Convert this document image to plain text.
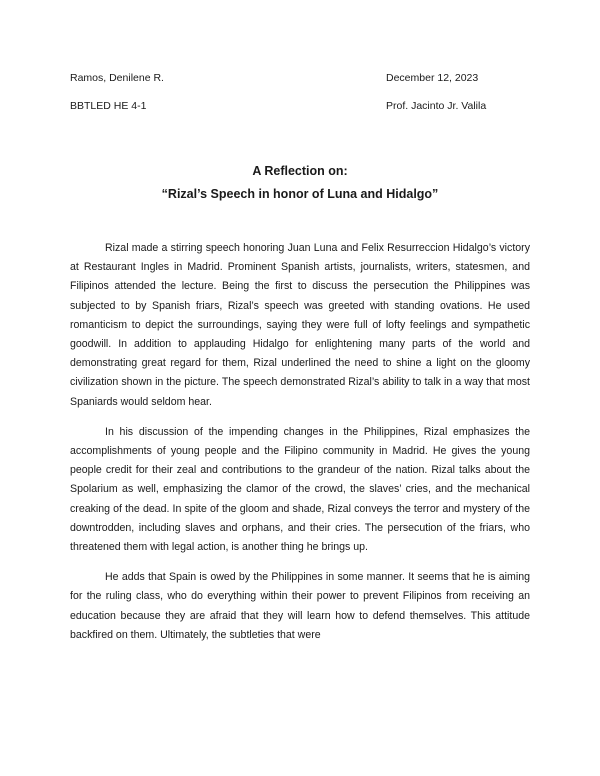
Ramos, Denilene R.	December 12, 2023
BBTLED HE 4-1	Prof. Jacinto Jr. Valila
A Reflection on:
“Rizal’s Speech in honor of Luna and Hidalgo”

Rizal made a stirring speech honoring Juan Luna and Felix Resurreccion Hidalgo’s victory at Restaurant Ingles in Madrid. Prominent Spanish artists, journalists, writers, statesmen, and Filipinos attended the lecture. Being the first to discuss the persecution the Philippines was subjected to by Spanish friars, Rizal’s speech was greeted with standing ovations. He used romanticism to depict the surroundings, saying they were full of lofty feelings and sympathetic goodwill. In addition to applauding Hidalgo for enlightening many parts of the world and demonstrating great regard for them, Rizal underlined the need to shine a light on the gloomy civilization shown in the picture. The speech demonstrated Rizal’s ability to talk in a way that most Spaniards would seldom hear.

In his discussion of the impending changes in the Philippines, Rizal emphasizes the accomplishments of young people and the Filipino community in Madrid. He gives the young people credit for their zeal and contributions to the grandeur of the nation. Rizal talks about the Spolarium as well, emphasizing the clamor of the crowd, the slaves’ cries, and the mechanical creaking of the dead. In spite of the gloom and shade, Rizal conveys the terror and mystery of the downtrodden, including slaves and orphans, and their cries. The persecution of the friars, who threatened them with legal action, is another thing he brings up.

He adds that Spain is owed by the Philippines in some manner. It seems that he is aiming for the ruling class, who do everything within their power to prevent Filipinos from receiving an education because they are afraid that they will learn how to defend themselves. This attitude backfired on them. Ultimately, the subtleties that were
